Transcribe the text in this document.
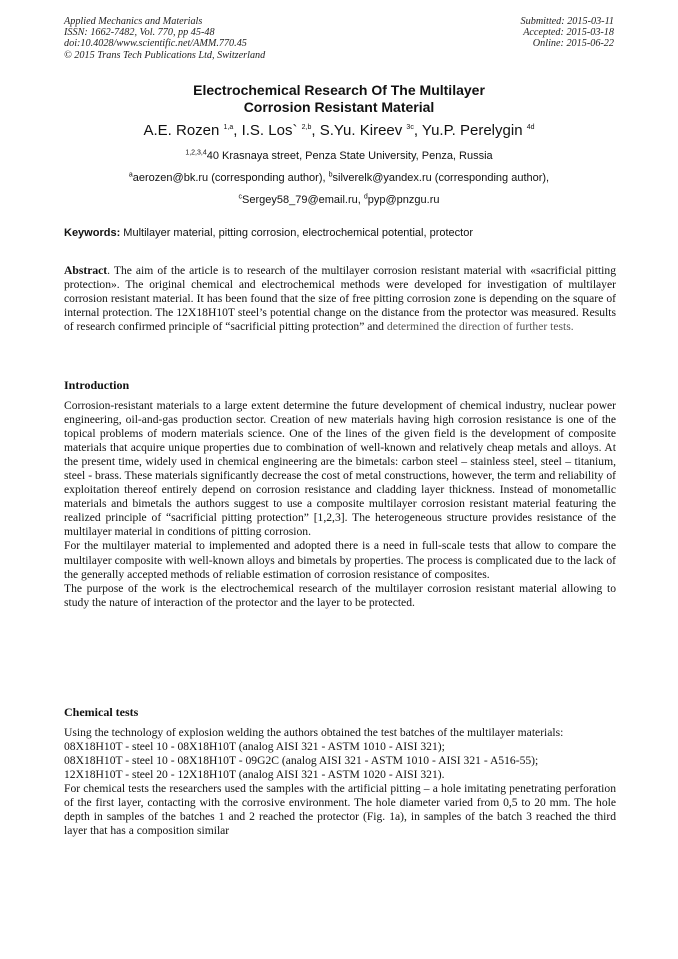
Applied Mechanics and Materials
ISSN: 1662-7482, Vol. 770, pp 45-48
doi:10.4028/www.scientific.net/AMM.770.45
© 2015 Trans Tech Publications Ltd, Switzerland
Submitted: 2015-03-11
Accepted: 2015-03-18
Online: 2015-06-22
Electrochemical Research Of The Multilayer
Corrosion Resistant Material
A.E. Rozen $^{1,a}$, I.S. Los` $^{2,b}$, S.Yu. Kireev $^{3c}$, Yu.P. Perelygin $^{4d}$
$^{1,2,3,4}$40 Krasnaya street, Penza State University, Penza, Russia
$^a$aerozen@bk.ru (corresponding author), $^b$silverelk@yandex.ru (corresponding author),
$^c$Sergey58_79@email.ru, $^d$pyp@pnzgu.ru
Keywords: Multilayer material, pitting corrosion, electrochemical potential, protector

Abstract. The aim of the article is to research of the multilayer corrosion resistant material with «sacrificial pitting protection». The original chemical and electrochemical methods were developed for investigation of multilayer corrosion resistant material. It has been found that the size of free pitting corrosion zone is depending on the square of internal protection. The 12X18H10T steel’s potential change on the distance from the protector was measured. Results of research confirmed principle of “sacrificial pitting protection” and determined the direction of further tests.

Introduction

Corrosion-resistant materials to a large extent determine the future development of chemical industry, nuclear power engineering, oil-and-gas production sector. Creation of new materials having high corrosion resistance is one of the topical problems of modern materials science. One of the lines of the given field is the development of composite materials that acquire unique properties due to combination of well-known and relatively cheap metals and alloys. At the present time, widely used in chemical engineering are the bimetals: carbon steel – stainless steel, steel – titanium, steel - brass. These materials significantly decrease the cost of metal constructions, however, the term and reliability of exploitation thereof entirely depend on corrosion resistance and cladding layer thickness. Instead of monometallic materials and bimetals the authors suggest to use a composite multilayer corrosion resistant material featuring the realized principle of “sacrificial pitting protection” [1,2,3]. The heterogeneous structure provides resistance of the multilayer material in conditions of pitting corrosion.

For the multilayer material to implemented and adopted there is a need in full-scale tests that allow to compare the multilayer composite with well-known alloys and bimetals by properties. The process is complicated due to the lack of the generally accepted methods of reliable estimation of corrosion resistance of composites.

The purpose of the work is the electrochemical research of the multilayer corrosion resistant material allowing to study the nature of interaction of the protector and the layer to be protected.

Chemical tests

Using the technology of explosion welding the authors obtained the test batches of the multilayer materials:

08X18H10T - steel 10 - 08X18H10T (analog AISI 321 - ASTM 1010 - AISI 321);

08X18H10T - steel 10 - 08X18H10T - 09G2C (analog AISI 321 - ASTM 1010 - AISI 321 - A516-55);

12X18H10T - steel 20 - 12X18H10T (analog AISI 321 - ASTM 1020 - AISI 321).

For chemical tests the researchers used the samples with the artificial pitting – a hole imitating penetrating perforation of the first layer, contacting with the corrosive environment. The hole diameter varied from 0,5 to 20 mm. The hole depth in samples of the batches 1 and 2 reached the protector (Fig. 1a), in samples of the batch 3 reached the third layer that has a composition similar
